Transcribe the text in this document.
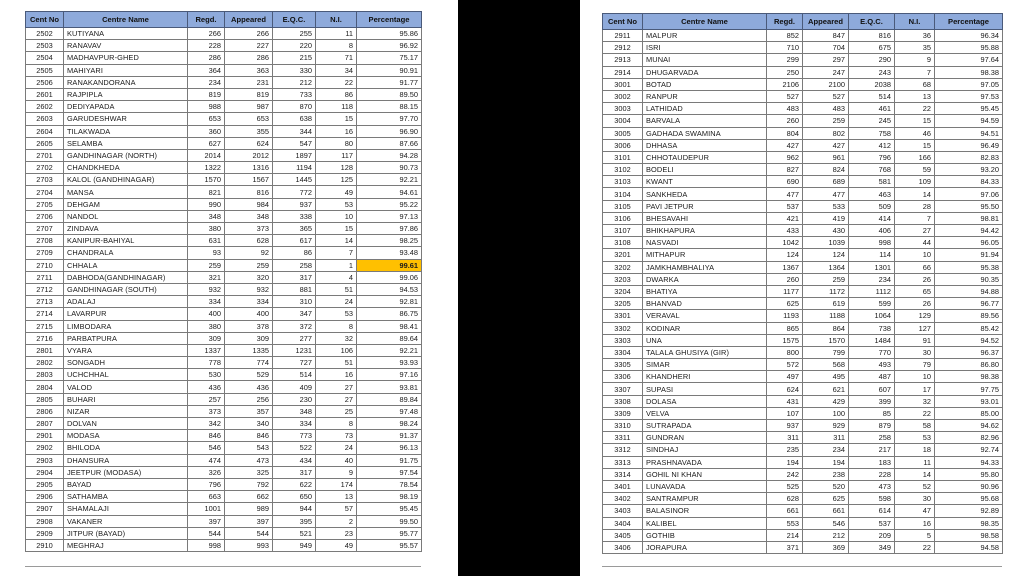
Cent No	Centre Name	Regd.	Appeared	E.Q.C.	N.I.	Percentage
2502	KUTIYANA	266	266	255	11	95.86
2503	RANAVAV	228	227	220	8	96.92
2504	MADHAVPUR-GHED	286	286	215	71	75.17
2505	MAHIYARI	364	363	330	34	90.91
2506	RANAKANDORANA	234	231	212	22	91.77
2601	RAJPIPLA	819	819	733	86	89.50
2602	DEDIYAPADA	988	987	870	118	88.15
2603	GARUDESHWAR	653	653	638	15	97.70
2604	TILAKWADA	360	355	344	16	96.90
2605	SELAMBA	627	624	547	80	87.66
2701	GANDHINAGAR (NORTH)	2014	2012	1897	117	94.28
2702	CHANDKHEDA	1322	1316	1194	128	90.73
2703	KALOL (GANDHINAGAR)	1570	1567	1445	125	92.21
2704	MANSA	821	816	772	49	94.61
2705	DEHGAM	990	984	937	53	95.22
2706	NANDOL	348	348	338	10	97.13
2707	ZINDAVA	380	373	365	15	97.86
2708	KANIPUR-BAHIYAL	631	628	617	14	98.25
2709	CHANDRALA	93	92	86	7	93.48
2710	CHHALA	259	259	258	1	99.61
2711	DABHODA(GANDHINAGAR)	321	320	317	4	99.06
2712	GANDHINAGAR (SOUTH)	932	932	881	51	94.53
2713	ADALAJ	334	334	310	24	92.81
2714	LAVARPUR	400	400	347	53	86.75
2715	LIMBODARA	380	378	372	8	98.41
2716	PARBATPURA	309	309	277	32	89.64
2801	VYARA	1337	1335	1231	106	92.21
2802	SONGADH	778	774	727	51	93.93
2803	UCHCHHAL	530	529	514	16	97.16
2804	VALOD	436	436	409	27	93.81
2805	BUHARI	257	256	230	27	89.84
2806	NIZAR	373	357	348	25	97.48
2807	DOLVAN	342	340	334	8	98.24
2901	MODASA	846	846	773	73	91.37
2902	BHILODA	546	543	522	24	96.13
2903	DHANSURA	474	473	434	40	91.75
2904	JEETPUR (MODASA)	326	325	317	9	97.54
2905	BAYAD	796	792	622	174	78.54
2906	SATHAMBA	663	662	650	13	98.19
2907	SHAMALAJI	1001	989	944	57	95.45
2908	VAKANER	397	397	395	2	99.50
2909	JITPUR (BAYAD)	544	544	521	23	95.77
2910	MEGHRAJ	998	993	949	49	95.57
Cent No	Centre Name	Regd.	Appeared	E.Q.C.	N.I.	Percentage
2911	MALPUR	852	847	816	36	96.34
2912	ISRI	710	704	675	35	95.88
2913	MUNAI	299	297	290	9	97.64
2914	DHUGARVADA	250	247	243	7	98.38
3001	BOTAD	2106	2100	2038	68	97.05
3002	RANPUR	527	527	514	13	97.53
3003	LATHIDAD	483	483	461	22	95.45
3004	BARVALA	260	259	245	15	94.59
3005	GADHADA SWAMINA	804	802	758	46	94.51
3006	DHHASA	427	427	412	15	96.49
3101	CHHOTAUDEPUR	962	961	796	166	82.83
3102	BODELI	827	824	768	59	93.20
3103	KWANT	690	689	581	109	84.33
3104	SANKHEDA	477	477	463	14	97.06
3105	PAVI JETPUR	537	533	509	28	95.50
3106	BHESAVAHI	421	419	414	7	98.81
3107	BHIKHAPURA	433	430	406	27	94.42
3108	NASVADI	1042	1039	998	44	96.05
3201	MITHAPUR	124	124	114	10	91.94
3202	JAMKHAMBHALIYA	1367	1364	1301	66	95.38
3203	DWARKA	260	259	234	26	90.35
3204	BHATIYA	1177	1172	1112	65	94.88
3205	BHANVAD	625	619	599	26	96.77
3301	VERAVAL	1193	1188	1064	129	89.56
3302	KODINAR	865	864	738	127	85.42
3303	UNA	1575	1570	1484	91	94.52
3304	TALALA GHUSIYA (GIR)	800	799	770	30	96.37
3305	SIMAR	572	568	493	79	86.80
3306	KHANDHERI	497	495	487	10	98.38
3307	SUPASI	624	621	607	17	97.75
3308	DOLASA	431	429	399	32	93.01
3309	VELVA	107	100	85	22	85.00
3310	SUTRAPADA	937	929	879	58	94.62
3311	GUNDRAN	311	311	258	53	82.96
3312	SINDHAJ	235	234	217	18	92.74
3313	PRASHNAVADA	194	194	183	11	94.33
3314	GOHIL NI KHAN	242	238	228	14	95.80
3401	LUNAVADA	525	520	473	52	90.96
3402	SANTRAMPUR	628	625	598	30	95.68
3403	BALASINOR	661	661	614	47	92.89
3404	KALIBEL	553	546	537	16	98.35
3405	GOTHIB	214	212	209	5	98.58
3406	JORAPURA	371	369	349	22	94.58
